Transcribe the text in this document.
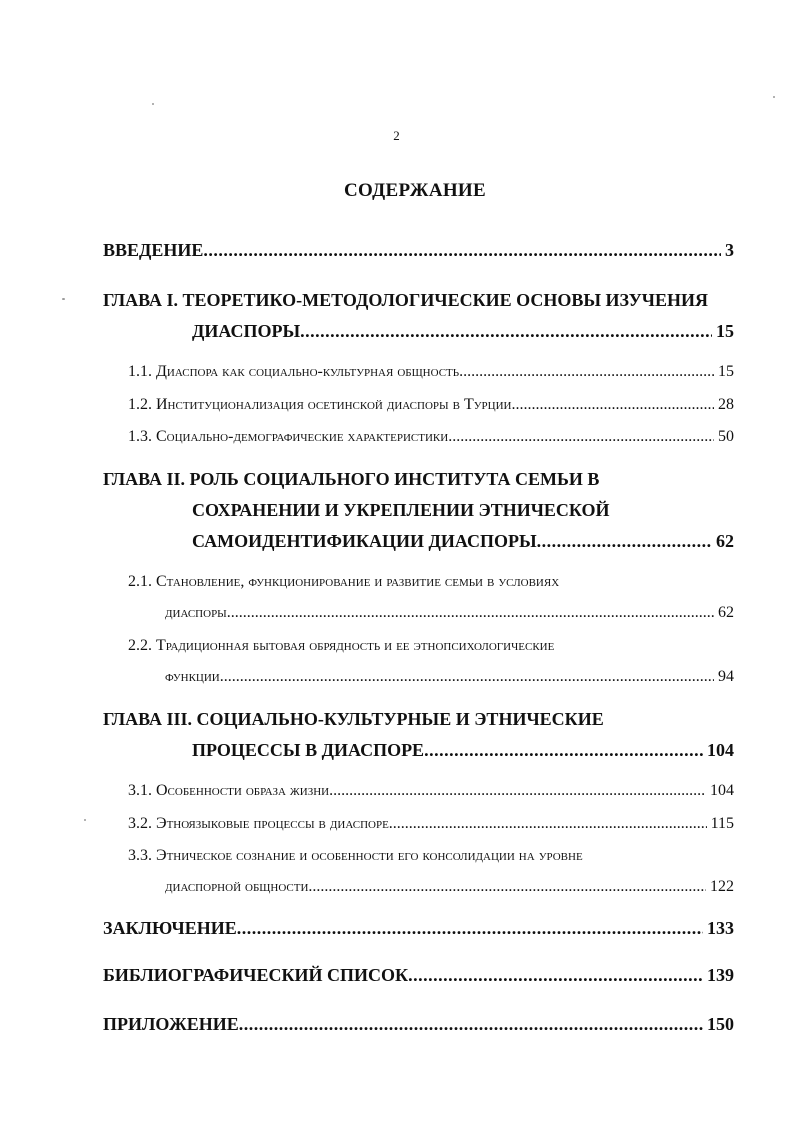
2
СОДЕРЖАНИЕ
ВВЕДЕНИЕ . . .	3
ГЛАВА I. ТЕОРЕТИКО-МЕТОДОЛОГИЧЕСКИЕ ОСНОВЫ ИЗУЧЕНИЯ
ДИАСПОРЫ . . .	15
1.1. Диаспора как социально-культурная общность . . .	15
1.2. Институционализация осетинской диаспоры в Турции . . .	28
1.3. Социально-демографические характеристики . . .	50
ГЛАВА II. РОЛЬ СОЦИАЛЬНОГО ИНСТИТУТА СЕМЬИ В
СОХРАНЕНИИ И УКРЕПЛЕНИИ ЭТНИЧЕСКОЙ
САМОИДЕНТИФИКАЦИИ ДИАСПОРЫ . . .	62
2.1. Становление, функционирование и развитие семьи в условиях
диаспоры . . .	62
2.2. Традиционная бытовая обрядность и ее этнопсихологические
функции . . .	94
ГЛАВА III. СОЦИАЛЬНО-КУЛЬТУРНЫЕ И ЭТНИЧЕСКИЕ
ПРОЦЕССЫ В ДИАСПОРЕ . . .	104
3.1. Особенности образа жизни . . .	104
3.2. Этноязыковые процессы в диаспоре . . .	115
3.3. Этническое сознание и особенности его консолидации на уровне
диаспорной общности . . .	122
ЗАКЛЮЧЕНИЕ . . .	133
БИБЛИОГРАФИЧЕСКИЙ СПИСОК . . .	139
ПРИЛОЖЕНИЕ . . .	150
